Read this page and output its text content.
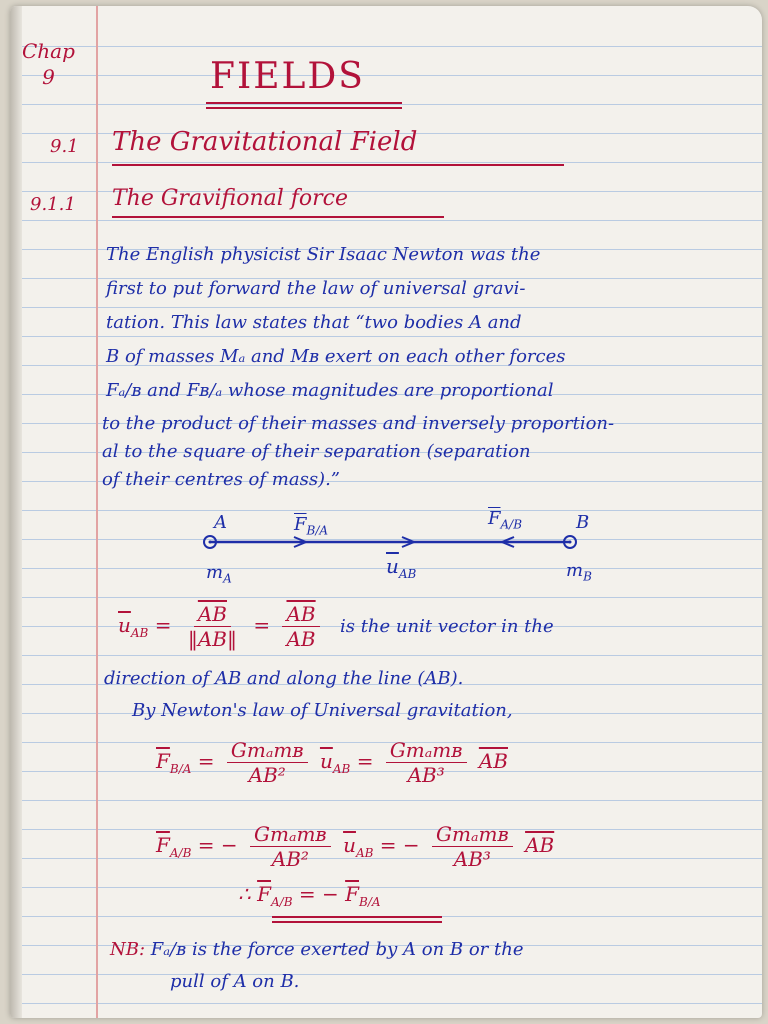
Chap
9	FIELDS
9.1 The Gravitational Field
9.1.1 The Gravifional force
The English physicist Sir Isaac Newton was the
first to put forward the law of universal gravi-
tation. This law states that “two bodies A and
B of masses Mₐ and Mʙ exert on each other forces
Fₐ/ʙ and Fʙ/ₐ whose magnitudes are proportional
to the product of their masses and inversely proportion-
al to the square of their separation (separation
of their centres of mass).”
A	B
$\overline{F}_{B/A}$
$\overline{F}_{A/B}$
$m_A$	$m_B$
$\overline{u}_{AB}$
$\overline{u}_{AB} = \frac{\overline{AB}}{‖AB‖} = \frac{\overline{AB}}{AB}$ is the unit vector in the
direction of AB and along the line (AB).
By Newton's law of Universal gravitation,
$\overline{F}_{B/A} = \frac{\text{Gmₐmʙ}}{\text{AB²}} \overline{u}_{AB} = \frac{\text{Gmₐmʙ}}{\text{AB³}} \overline{AB}$
$\overline{F}_{A/B}$ = − $\frac{\text{Gmₐmʙ}}{\text{AB²}} \overline{u}_{AB}$ = − $\frac{\text{Gmₐmʙ}}{\text{AB³}} \overline{AB}$
∴ $\overline{F}_{A/B}$ = − $\overline{F}_{B/A}$
NB: Fₐ/ʙ is the force exerted by A on B or the
pull of A on B.
